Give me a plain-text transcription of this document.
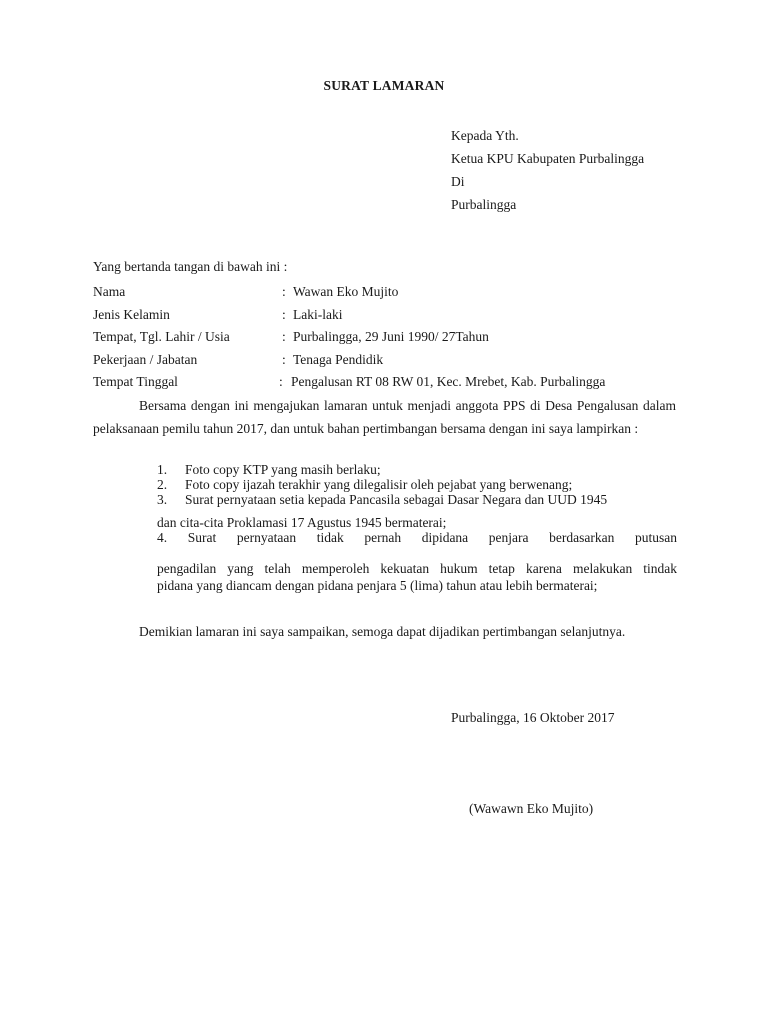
SURAT LAMARAN
Kepada Yth.
Ketua KPU Kabupaten Purbalingga
Di
Purbalingga
Yang bertanda tangan di bawah ini :
Nama	: Wawan Eko Mujito
Jenis Kelamin	: Laki-laki
Tempat, Tgl. Lahir / Usia	: Purbalingga, 29 Juni 1990/ 27Tahun
Pekerjaan / Jabatan	: Tenaga Pendidik
Tempat Tinggal	: Pengalusan RT 08 RW 01, Kec. Mrebet, Kab. Purbalingga
Bersama dengan ini mengajukan lamaran untuk menjadi anggota PPS di Desa Pengalusan dalam pelaksanaan pemilu tahun 2017, dan untuk bahan pertimbangan bersama dengan ini saya lampirkan :
1. Foto copy KTP yang masih berlaku;
2. Foto copy ijazah terakhir yang dilegalisir oleh pejabat yang berwenang;
3. Surat pernyataan setia kepada Pancasila sebagai Dasar Negara dan UUD 1945
dan cita-cita Proklamasi 17 Agustus 1945 bermaterai;
4. Surat pernyataan tidak pernah dipidana penjara berdasarkan putusan
pengadilan yang telah memperoleh kekuatan hukum tetap karena melakukan tindak
pidana yang diancam dengan pidana penjara 5 (lima) tahun atau lebih bermaterai;
Demikian lamaran ini saya sampaikan, semoga dapat dijadikan pertimbangan selanjutnya.
Purbalingga, 16 Oktober 2017
(Wawawn Eko Mujito)
